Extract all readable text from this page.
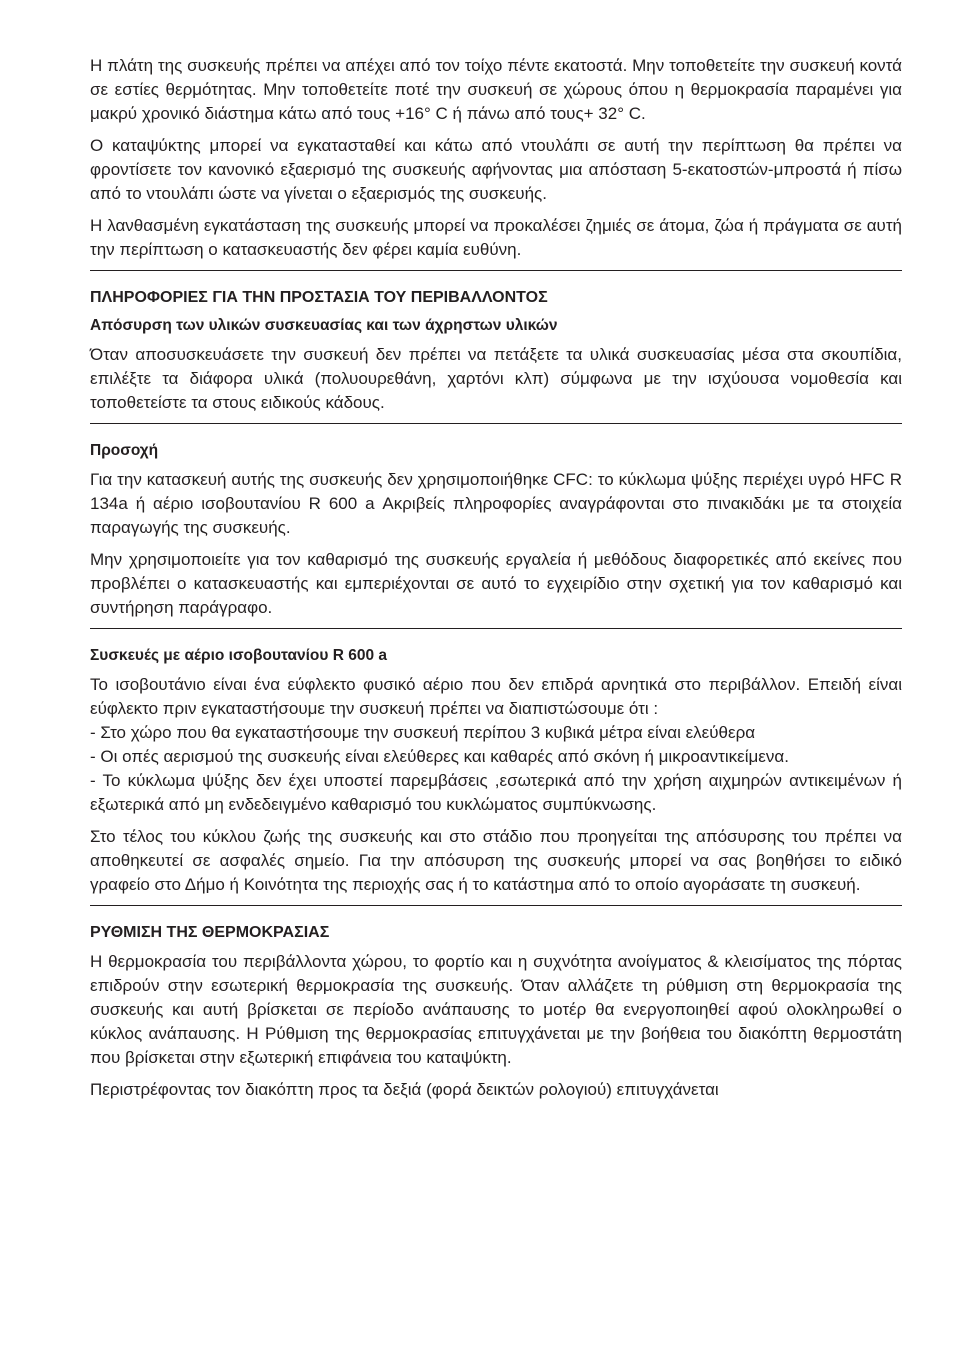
Η πλάτη της συσκευής πρέπει να απέχει από τον τοίχο πέντε εκατοστά. Μην τοποθετείτε την συσκευή κοντά σε εστίες θερμότητας. Μην τοποθετείτε ποτέ την συσκευή σε χώρους όπου η θερμοκρασία παραμένει για μακρύ χρονικό διάστημα κάτω από τους +16° C ή πάνω από τους+ 32° C.

Ο καταψύκτης μπορεί να εγκατασταθεί και κάτω από ντουλάπι σε αυτή την περίπτωση θα πρέπει να φροντίσετε τον κανονικό εξαερισμό της συσκευής αφήνοντας μια απόσταση 5-εκατοστών-μπροστά ή πίσω από το ντουλάπι ώστε να γίνεται ο εξαερισμός της συσκευής.

Η λανθασμένη εγκατάσταση της συσκευής μπορεί να προκαλέσει ζημιές σε άτομα, ζώα ή πράγματα σε αυτή την περίπτωση ο κατασκευαστής δεν φέρει καμία ευθύνη.

ΠΛΗΡΟΦΟΡΙΕΣ ΓΙΑ ΤΗΝ ΠΡΟΣΤΑΣΙΑ ΤΟΥ ΠΕΡΙΒΑΛΛΟΝΤΟΣ
Απόσυρση των υλικών συσκευασίας και των άχρηστων υλικών

Όταν αποσυσκευάσετε την συσκευή δεν πρέπει να πετάξετε τα υλικά συσκευασίας μέσα στα σκουπίδια, επιλέξτε τα διάφορα υλικά (πολυουρεθάνη, χαρτόνι κλπ) σύμφωνα με την ισχύουσα νομοθεσία και τοποθετείστε τα στους ειδικούς κάδους.

Προσοχή

Για την κατασκευή αυτής της συσκευής δεν χρησιμοποιήθηκε CFC: το κύκλωμα ψύξης περιέχει υγρό HFC R 134a ή αέριο ισοβουτανίου R 600 a Ακριβείς πληροφορίες αναγράφονται στο πινακιδάκι με τα στοιχεία παραγωγής της συσκευής.

Μην χρησιμοποιείτε για τον καθαρισμό της συσκευής εργαλεία ή μεθόδους διαφορετικές από εκείνες που προβλέπει ο κατασκευαστής και εμπεριέχονται σε αυτό το εγχειρίδιο στην σχετική για τον καθαρισμό και συντήρηση παράγραφο.

Συσκευές με αέριο ισοβουτανίου R 600 a

Το ισοβουτάνιο είναι ένα εύφλεκτο φυσικό αέριο που δεν επιδρά αρνητικά στο περιβάλλον. Επειδή είναι εύφλεκτο πριν εγκαταστήσουμε την συσκευή πρέπει να διαπιστώσουμε ότι :

- Στο χώρο που θα εγκαταστήσουμε την συσκευή περίπου 3 κυβικά μέτρα είναι ελεύθερα

- Οι οπές αερισμού της συσκευής είναι ελεύθερες και καθαρές από σκόνη ή μικροαντικείμενα.

- Το κύκλωμα ψύξης δεν έχει υποστεί παρεμβάσεις ,εσωτερικά από την χρήση αιχμηρών αντικειμένων ή εξωτερικά από μη ενδεδειγμένο καθαρισμό του κυκλώματος συμπύκνωσης.

Στο τέλος του κύκλου ζωής της συσκευής και στο στάδιο που προηγείται της απόσυρσης του πρέπει να αποθηκευτεί σε ασφαλές σημείο. Για την απόσυρση της συσκευής μπορεί να σας βοηθήσει το ειδικό γραφείο στο Δήμο ή Κοινότητα της περιοχής σας ή το κατάστημα από το οποίο αγοράσατε τη συσκευή.

ΡΥΘΜΙΣΗ ΤΗΣ ΘΕΡΜΟΚΡΑΣΙΑΣ

Η θερμοκρασία του περιβάλλοντα χώρου, το φορτίο και η συχνότητα ανοίγματος & κλεισίματος της πόρτας επιδρούν στην εσωτερική θερμοκρασία της συσκευής. Όταν αλλάζετε τη ρύθμιση στη θερμοκρασία της συσκευής και αυτή βρίσκεται σε περίοδο ανάπαυσης το μοτέρ θα ενεργοποιηθεί αφού ολοκληρωθεί ο κύκλος ανάπαυσης. Η Ρύθμιση της θερμοκρασίας επιτυγχάνεται με την βοήθεια του διακόπτη θερμοστάτη που βρίσκεται στην εξωτερική επιφάνεια του καταψύκτη.

Περιστρέφοντας τον διακόπτη προς τα δεξιά (φορά δεικτών ρολογιού) επιτυγχάνεται
